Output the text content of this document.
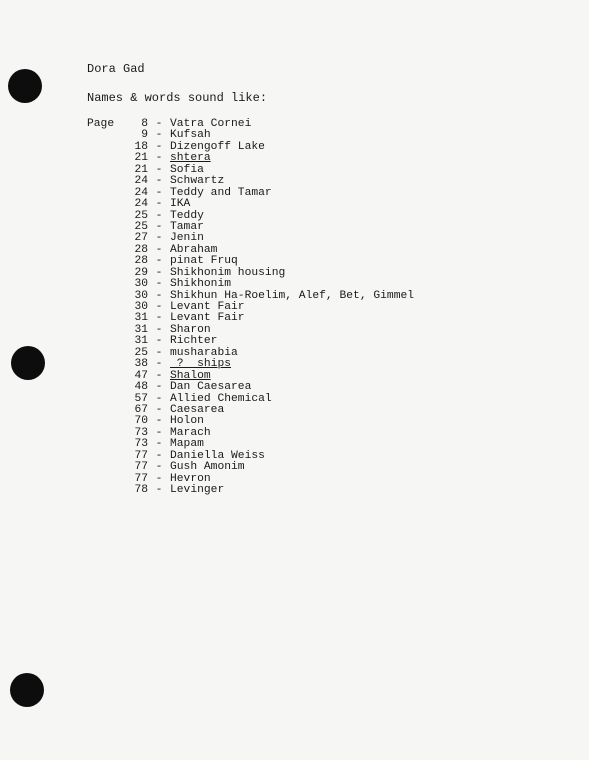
Dora Gad
Names & words sound like:
Page	8 - Vatra Cornei
9 - Kufsah
18 - Dizengoff Lake
21 - shtera
21 - Sofia
24 - Schwartz
24 - Teddy and Tamar
24 - IKA
25 - Teddy
25 - Tamar
27 - Jenin
28 - Abraham
28 - pinat Fruq
29 - Shikhonim housing
30 - Shikhonim
30 - Shikhun Ha-Roelim, Alef, Bet, Gimmel
30 - Levant Fair
31 - Levant Fair
31 - Sharon
31 - Richter
25 - musharabia
38 - ?  ships
47 - Shalom
48 - Dan Caesarea
57 - Allied Chemical
67 - Caesarea
70 - Holon
73 - Marach
73 - Mapam
77 - Daniella Weiss
77 - Gush Amonim
77 - Hevron
78 - Levinger
